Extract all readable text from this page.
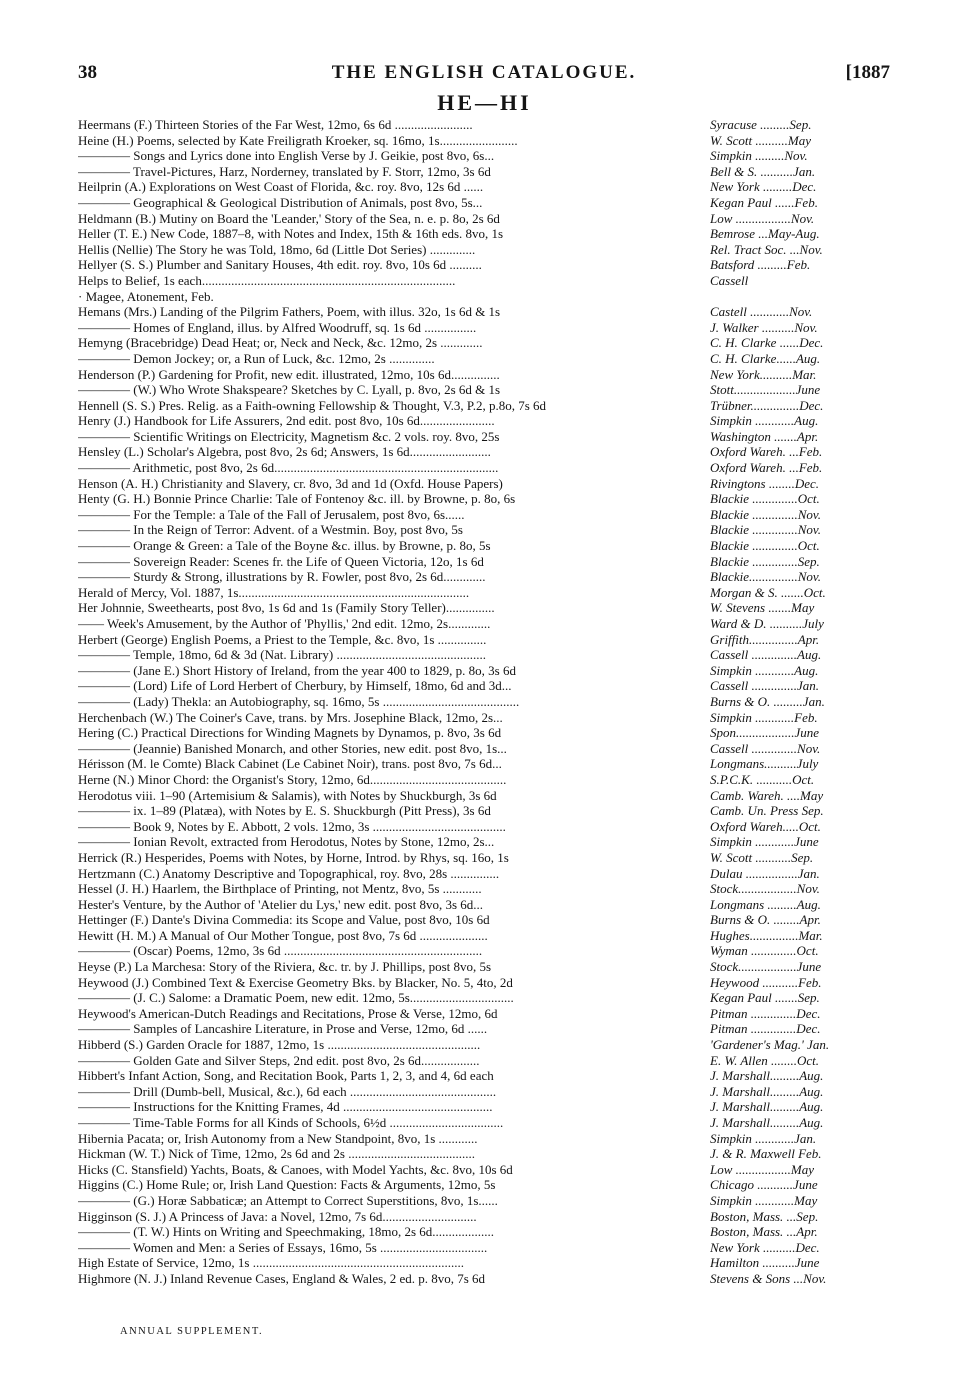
38	THE ENGLISH CATALOGUE.	[1887
HE—HI
Heermans (F.) Thirteen Stories of the Far West, 12mo, 6s 6d ........................	Syracuse .........Sep.
Heine (H.) Poems, selected by Kate Freiligrath Kroeker, sq. 16mo, 1s........................	W. Scott ..........May
———— Songs and Lyrics done into English Verse by J. Geikie, post 8vo, 6s...	Simpkin .........Nov.
———— Travel-Pictures, Harz, Norderney, translated by F. Storr, 12mo, 3s 6d	Bell & S. ..........Jan.
Heilprin (A.) Explorations on West Coast of Florida, &c. roy. 8vo, 12s 6d ......	New York .........Dec.
———— Geographical & Geological Distribution of Animals, post 8vo, 5s...	Kegan Paul ......Feb.
Heldmann (B.) Mutiny on Board the 'Leander,' Story of the Sea, n. e. p. 8o, 2s 6d	Low .................Nov.
Heller (T. E.) New Code, 1887–8, with Notes and Index, 15th & 16th eds. 8vo, 1s	Bemrose ...May-Aug.
Hellis (Nellie) The Story he was Told, 18mo, 6d (Little Dot Series) ..............	Rel. Tract Soc. ...Nov.
Hellyer (S. S.) Plumber and Sanitary Houses, 4th edit. roy. 8vo, 10s 6d ..........	Batsford .........Feb.
Helps to Belief, 1s each..............................................................................	Cassell
· Magee, Atonement, Feb.
Hemans (Mrs.) Landing of the Pilgrim Fathers, Poem, with illus. 32o, 1s 6d & 1s	Castell ............Nov.
———— Homes of England, illus. by Alfred Woodruff, sq. 1s 6d ................	J. Walker ..........Nov.
Hemyng (Bracebridge) Dead Heat; or, Neck and Neck, &c. 12mo, 2s .............	C. H. Clarke ......Dec.
———— Demon Jockey; or, a Run of Luck, &c. 12mo, 2s ..............	C. H. Clarke......Aug.
Henderson (P.) Gardening for Profit, new edit. illustrated, 12mo, 10s 6d...............	New York..........Mar.
———— (W.) Who Wrote Shakspeare? Sketches by C. Lyall, p. 8vo, 2s 6d & 1s	Stott...................June
Hennell (S. S.) Pres. Relig. as a Faith-owning Fellowship & Thought, V.3, P.2, p.8o, 7s 6d	Trübner...............Dec.
Henry (J.) Handbook for Life Assurers, 2nd edit. post 8vo, 10s 6d.......................	Simpkin ............Aug.
———— Scientific Writings on Electricity, Magnetism &c. 2 vols. roy. 8vo, 25s	Washington .......Apr.
Hensley (L.) Scholar's Algebra, post 8vo, 2s 6d; Answers, 1s 6d.........................	Oxford Wareh. ...Feb.
———— Arithmetic, post 8vo, 2s 6d.....................................................................	Oxford Wareh. ...Feb.
Henson (A. H.) Christianity and Slavery, cr. 8vo, 3d and 1d (Oxfd. House Papers)	Rivingtons ........Dec.
Henty (G. H.) Bonnie Prince Charlie: Tale of Fontenoy &c. ill. by Browne, p. 8o, 6s	Blackie ..............Oct.
———— For the Temple: a Tale of the Fall of Jerusalem, post 8vo, 6s......	Blackie ..............Nov.
———— In the Reign of Terror: Advent. of a Westmin. Boy, post 8vo, 5s	Blackie ..............Nov.
———— Orange & Green: a Tale of the Boyne &c. illus. by Browne, p. 8o, 5s	Blackie ..............Oct.
———— Sovereign Reader: Scenes fr. the Life of Queen Victoria, 12o, 1s 6d	Blackie ..............Sep.
———— Sturdy & Strong, illustrations by R. Fowler, post 8vo, 2s 6d.............	Blackie...............Nov.
Herald of Mercy, Vol. 1887, 1s.......................................................................	Morgan & S. .......Oct.
Her Johnnie, Sweethearts, post 8vo, 1s 6d and 1s (Family Story Teller)...............	W. Stevens .......May
—— Week's Amusement, by the Author of 'Phyllis,' 2nd edit. 12mo, 2s.............	Ward & D. ..........July
Herbert (George) English Poems, a Priest to the Temple, &c. 8vo, 1s ...............	Griffith...............Apr.
———— Temple, 18mo, 6d & 3d (Nat. Library) ..............................................	Cassell ..............Aug.
———— (Jane E.) Short History of Ireland, from the year 400 to 1829, p. 8o, 3s 6d	Simpkin ............Aug.
———— (Lord) Life of Lord Herbert of Cherbury, by Himself, 18mo, 6d and 3d...	Cassell ..............Jan.
———— (Lady) Thekla: an Autobiography, sq. 16mo, 5s ..........................................	Burns & O. .........Jan.
Herchenbach (W.) The Coiner's Cave, trans. by Mrs. Josephine Black, 12mo, 2s...	Simpkin ............Feb.
Hering (C.) Practical Directions for Winding Magnets by Dynamos, p. 8vo, 3s 6d	Spon..................June
———— (Jeannie) Banished Monarch, and other Stories, new edit. post 8vo, 1s...	Cassell ..............Nov.
Hérisson (M. le Comte) Black Cabinet (Le Cabinet Noir), trans. post 8vo, 7s 6d...	Longmans..........July
Herne (N.) Minor Chord: the Organist's Story, 12mo, 6d..........................................	S.P.C.K. ...........Oct.
Herodotus viii. 1–90 (Artemisium & Salamis), with Notes by Shuckburgh, 3s 6d	Camb. Wareh. ....May
———— ix. 1–89 (Platæa), with Notes by E. S. Shuckburgh (Pitt Press), 3s 6d	Camb. Un. Press Sep.
———— Book 9, Notes by E. Abbott, 2 vols. 12mo, 3s .........................................	Oxford Wareh.....Oct.
———— Ionian Revolt, extracted from Herodotus, Notes by Stone, 12mo, 2s...	Simpkin ............June
Herrick (R.) Hesperides, Poems with Notes, by Horne, Introd. by Rhys, sq. 16o, 1s	W. Scott ...........Sep.
Hertzmann (C.) Anatomy Descriptive and Topographical, roy. 8vo, 28s ...............	Dulau ................Jan.
Hessel (J. H.) Haarlem, the Birthplace of Printing, not Mentz, 8vo, 5s ............	Stock..................Nov.
Hester's Venture, by the Author of 'Atelier du Lys,' new edit. post 8vo, 3s 6d...	Longmans .........Aug.
Hettinger (F.) Dante's Divina Commedia: its Scope and Value, post 8vo, 10s 6d	Burns & O. ........Apr.
Hewitt (H. M.) A Manual of Our Mother Tongue, post 8vo, 7s 6d .....................	Hughes...............Mar.
———— (Oscar) Poems, 12mo, 3s 6d .............................................................	Wyman ..............Oct.
Heyse (P.) La Marchesa: Story of the Riviera, &c. tr. by J. Phillips, post 8vo, 5s	Stock..................June
Heywood (J.) Combined Text & Exercise Geometry Bks. by Blacker, No. 5, 4to, 2d	Heywood ...........Feb.
———— (J. C.) Salome: a Dramatic Poem, new edit. 12mo, 5s................................	Kegan Paul .......Sep.
Heywood's American-Dutch Readings and Recitations, Prose & Verse, 12mo, 6d	Pitman ..............Dec.
———— Samples of Lancashire Literature, in Prose and Verse, 12mo, 6d ......	Pitman ..............Dec.
Hibberd (S.) Garden Oracle for 1887, 12mo, 1s ...............................................	'Gardener's Mag.' Jan.
———— Golden Gate and Silver Steps, 2nd edit. post 8vo, 2s 6d..................	E. W. Allen ........Oct.
Hibbert's Infant Action, Song, and Recitation Book, Parts 1, 2, 3, and 4, 6d each	J. Marshall.........Aug.
———— Drill (Dumb-bell, Musical, &c.), 6d each .............................................	J. Marshall.........Aug.
———— Instructions for the Knitting Frames, 4d ..............................................	J. Marshall.........Aug.
———— Time-Table Forms for all Kinds of Schools, 6½d ...................................	J. Marshall.........Aug.
Hibernia Pacata; or, Irish Autonomy from a New Standpoint, 8vo, 1s ............	Simpkin ............Jan.
Hickman (W. T.) Nick of Time, 12mo, 2s 6d and 2s .......................................	J. & R. Maxwell Feb.
Hicks (C. Stansfield) Yachts, Boats, & Canoes, with Model Yachts, &c. 8vo, 10s 6d	Low .................May
Higgins (C.) Home Rule; or, Irish Land Question: Facts & Arguments, 12mo, 5s	Chicago ...........June
———— (G.) Horæ Sabbaticæ; an Attempt to Correct Superstitions, 8vo, 1s......	Simpkin ............May
Higginson (S. J.) A Princess of Java: a Novel, 12mo, 7s 6d.............................	Boston, Mass. ...Sep.
———— (T. W.) Hints on Writing and Speechmaking, 18mo, 2s 6d...................	Boston, Mass. ...Apr.
———— Women and Men: a Series of Essays, 16mo, 5s .................................	New York ..........Dec.
High Estate of Service, 12mo, 1s .................................................................	Hamilton ..........June
Highmore (N. J.) Inland Revenue Cases, England & Wales, 2 ed. p. 8vo, 7s 6d	Stevens & Sons ...Nov.
ANNUAL SUPPLEMENT.
